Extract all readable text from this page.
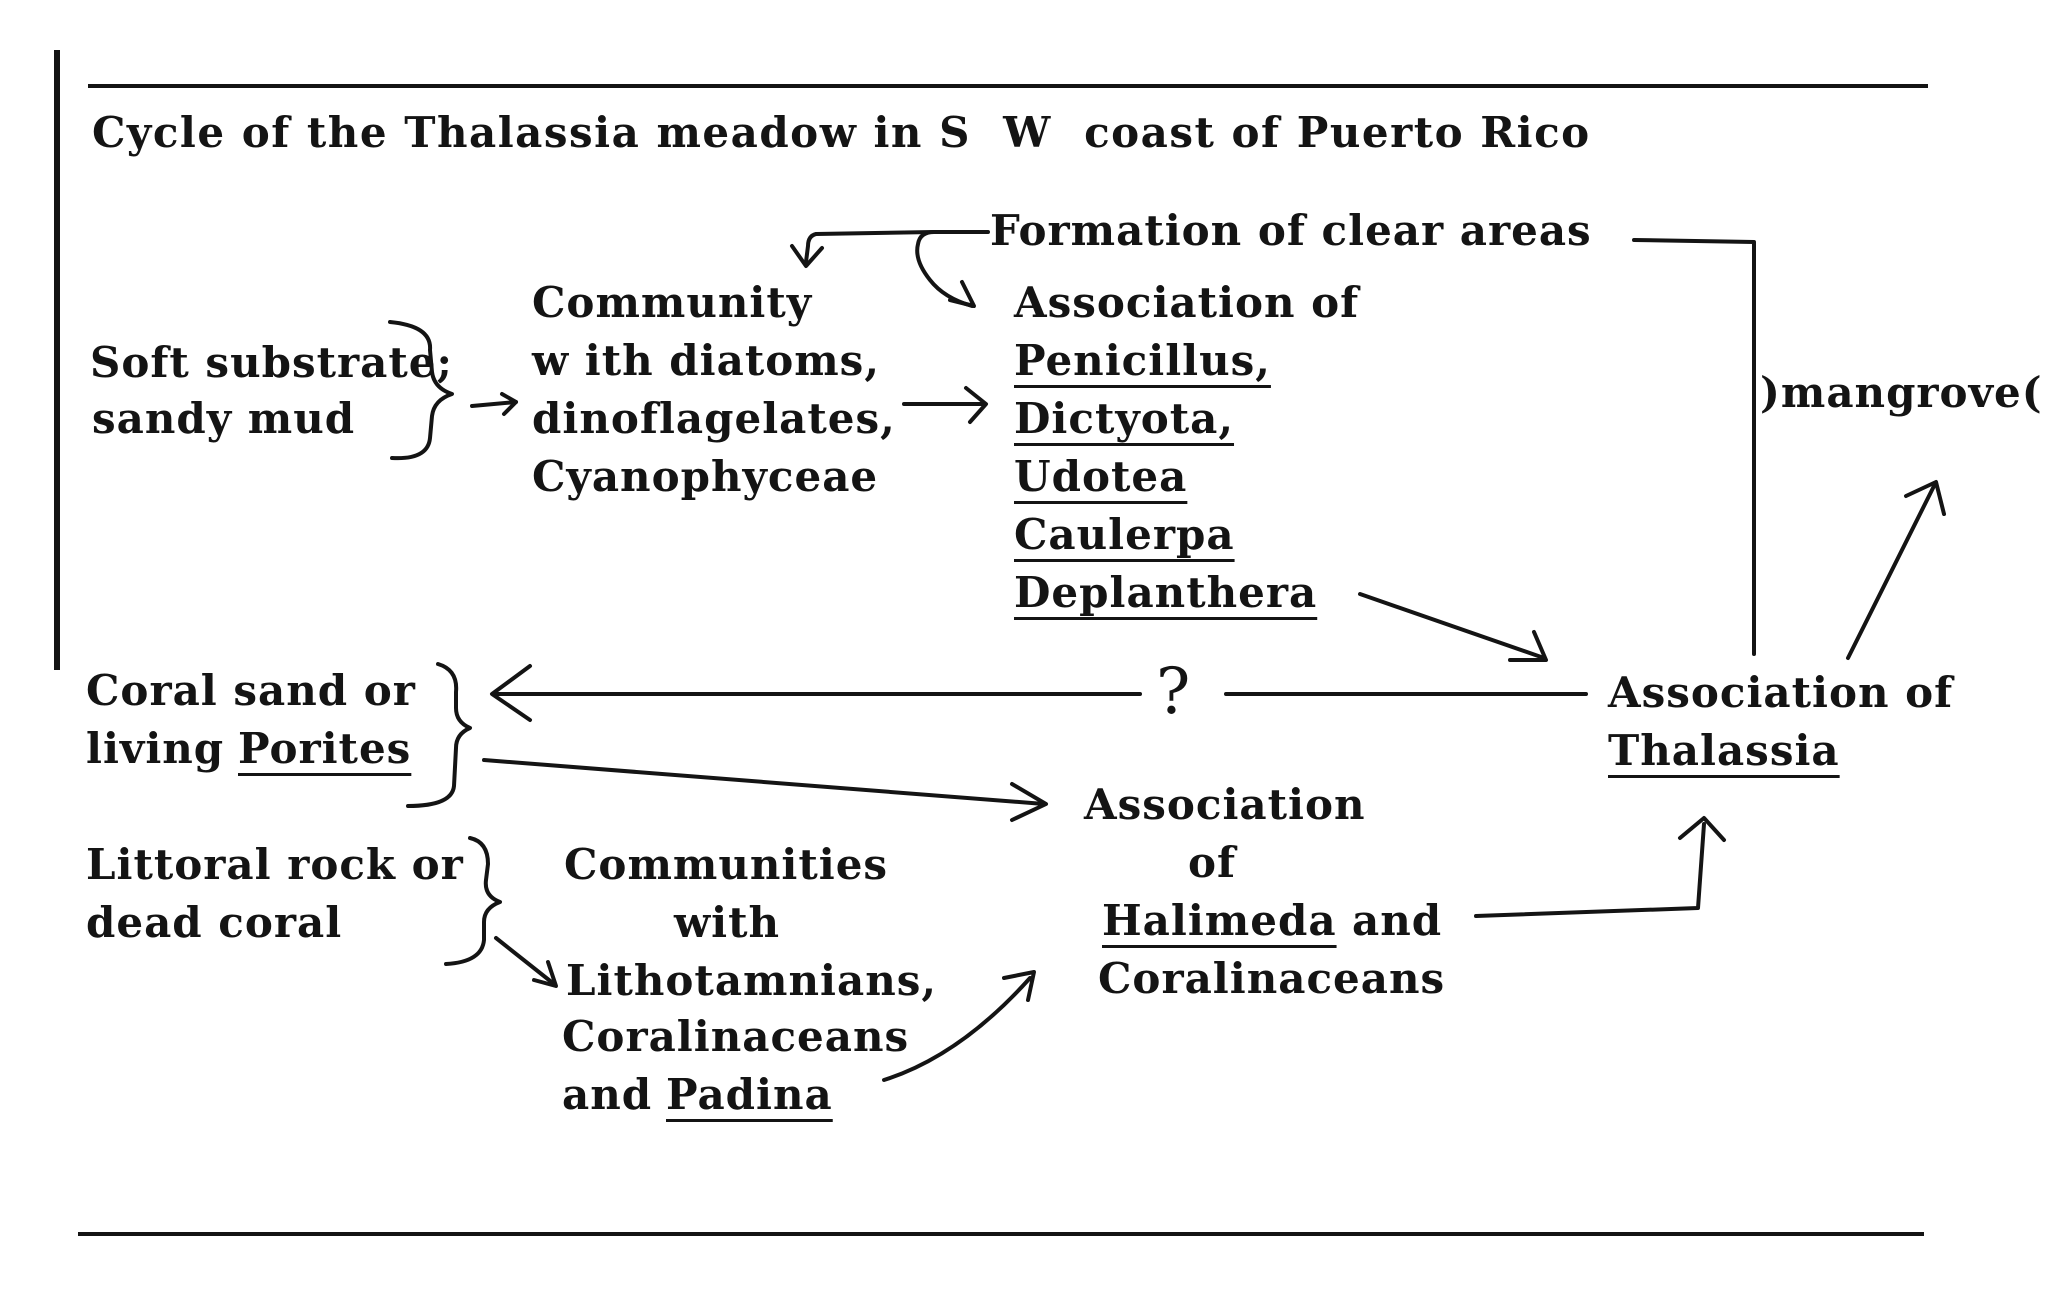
Cycle of the Thalassia meadow in S  W  coast of Puerto Rico 
Formation of clear areas
Soft substrate;
sandy mud
Community
w ith diatoms,
dinoflagelates,
Cyanophyceae
Association of
Penicillus,
Dictyota,
Udotea
Caulerpa
Deplanthera
)mangrove(
Coral sand or
living Porites
?	Association of
Thalassia
Association
of
Halimeda and
Coralinaceans
Littoral rock or
dead coral
Communities
with
Lithotamnians,
Coralinaceans
and Padina
